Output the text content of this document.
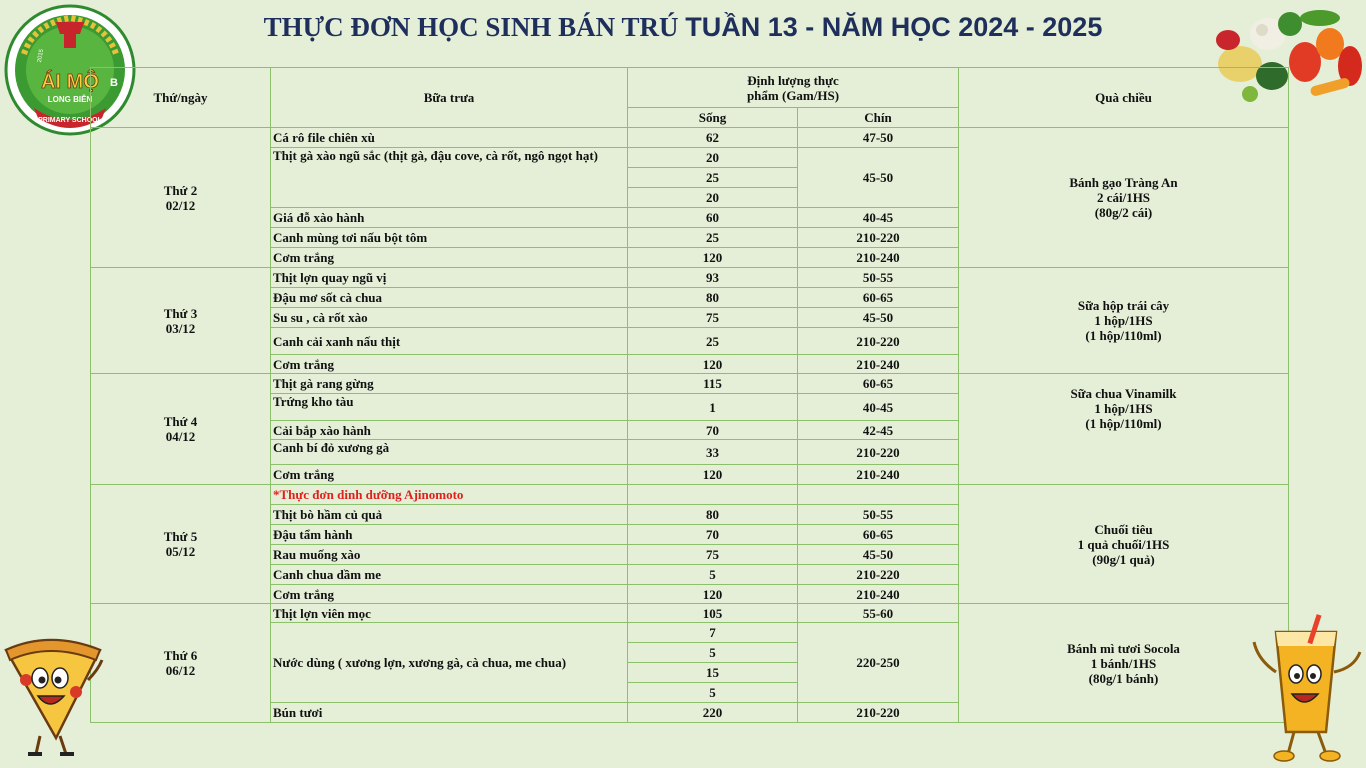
THỰC ĐƠN HỌC SINH BÁN TRÚ TUẦN 13 - NĂM HỌC 2024 - 2025
ÁI MỘ B
LONG BIÊN
2015
PRIMARY SCHOOL
Thứ/ngày	Bữa trưa	Định lượng thực
phẩm (Gam/HS)		Quà chiều
		Sống	Chín	
Thứ 2
02/12	Cá rô file chiên xù	62	47-50	Bánh gạo Tràng An
2 cái/1HS
(80g/2 cái)
	Thịt gà xào ngũ sắc (thịt gà, đậu cove, cà rốt, ngô ngọt hạt)	20	45-50	
		25		
		20		
	Giá đỗ xào hành	60	40-45	
	Canh mùng tơi nấu bột tôm	25	210-220	
	Cơm trắng	120	210-240	
Thứ 3
03/12	Thịt lợn quay ngũ vị	93	50-55	Sữa hộp trái cây
1 hộp/1HS
(1 hộp/110ml)
	Đậu mơ sốt cà chua	80	60-65	
	Su su , cà rốt xào	75	45-50	
	Canh cải xanh nấu thịt	25	210-220	
	Cơm trắng	120	210-240	
Thứ 4
04/12	Thịt gà rang gừng	115	60-65	Sữa chua Vinamilk
1 hộp/1HS
(1 hộp/110ml)
	Trứng kho tàu	1	40-45	
	Cải bắp xào hành	70	42-45	
	Canh bí đỏ xương gà	33	210-220	
	Cơm trắng	120	210-240	
Thứ 5
05/12	*Thực đơn dinh dưỡng Ajinomoto			Chuối tiêu
1 quả chuối/1HS
(90g/1 quả)
	Thịt bò hầm củ quả	80	50-55	
	Đậu tẩm hành	70	60-65	
	Rau muống xào	75	45-50	
	Canh chua dầm me	5	210-220	
	Cơm trắng	120	210-240	
Thứ 6
06/12	Thịt lợn viên mọc	105	55-60	Bánh mì tươi Socola
1 bánh/1HS
(80g/1 bánh)
	Nước dùng ( xương lợn, xương gà, cà chua, me chua)	7	220-250	
		5		
		15		
		5		
	Bún tươi	220	210-220	
